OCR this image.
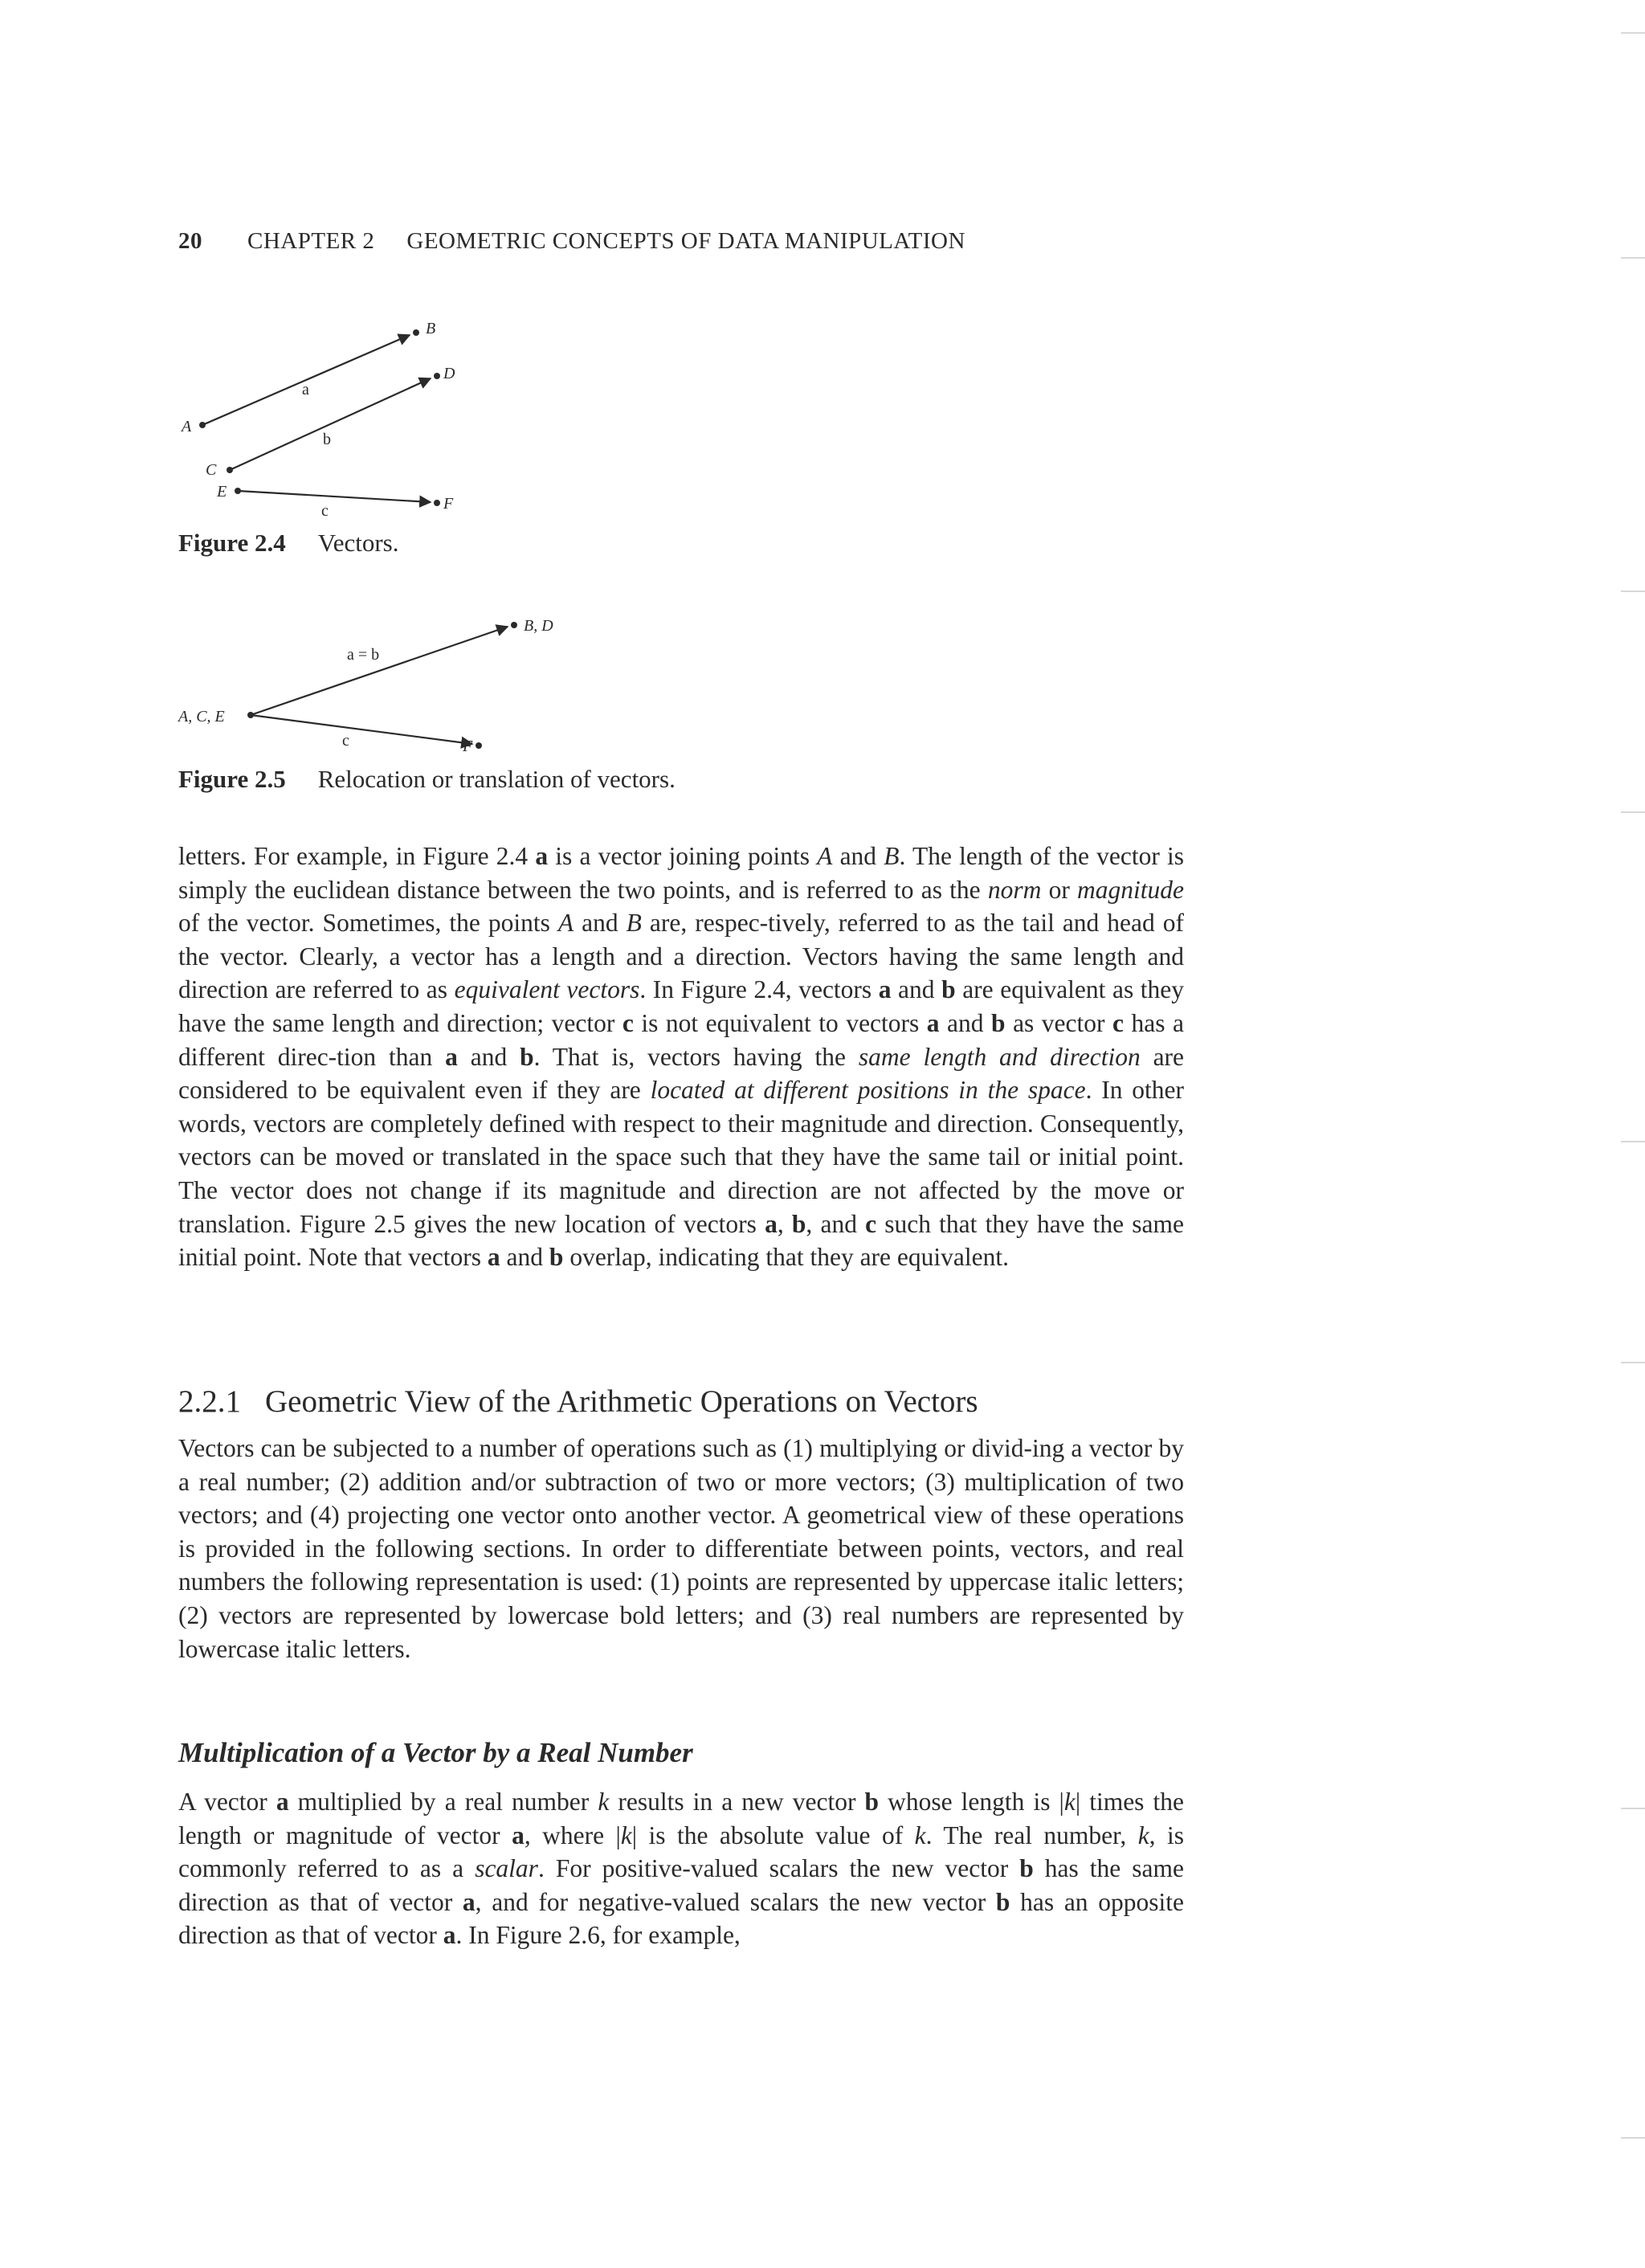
20 CHAPTER 2 GEOMETRIC CONCEPTS OF DATA MANIPULATION
A
B
a
C
D
b
E
F
c
Figure 2.4 Vectors.
B, D
A, C, E
a = b
c	F
Figure 2.5 Relocation or translation of vectors.

letters. For example, in Figure 2.4 a is a vector joining points A and B. The length of the vector is simply the euclidean distance between the two points, and is referred to as the norm or magnitude of the vector. Sometimes, the points A and B are, respec-tively, referred to as the tail and head of the vector. Clearly, a vector has a length and a direction. Vectors having the same length and direction are referred to as equivalent vectors. In Figure 2.4, vectors a and b are equivalent as they have the same length and direction; vector c is not equivalent to vectors a and b as vector c has a different direc-tion than a and b. That is, vectors having the same length and direction are considered to be equivalent even if they are located at different positions in the space. In other words, vectors are completely defined with respect to their magnitude and direction. Consequently, vectors can be moved or translated in the space such that they have the same tail or initial point. The vector does not change if its magnitude and direction are not affected by the move or translation. Figure 2.5 gives the new location of vectors a, b, and c such that they have the same initial point. Note that vectors a and b overlap, indicating that they are equivalent.

2.2.1 Geometric View of the Arithmetic Operations on Vectors

Vectors can be subjected to a number of operations such as (1) multiplying or divid-ing a vector by a real number; (2) addition and/or subtraction of two or more vectors; (3) multiplication of two vectors; and (4) projecting one vector onto another vector. A geometrical view of these operations is provided in the following sections. In order to differentiate between points, vectors, and real numbers the following representation is used: (1) points are represented by uppercase italic letters; (2) vectors are represented by lowercase bold letters; and (3) real numbers are represented by lowercase italic letters.

Multiplication of a Vector by a Real Number

A vector a multiplied by a real number k results in a new vector b whose length is |k| times the length or magnitude of vector a, where |k| is the absolute value of k. The real number, k, is commonly referred to as a scalar. For positive-valued scalars the new vector b has the same direction as that of vector a, and for negative-valued scalars the new vector b has an opposite direction as that of vector a. In Figure 2.6, for example,
